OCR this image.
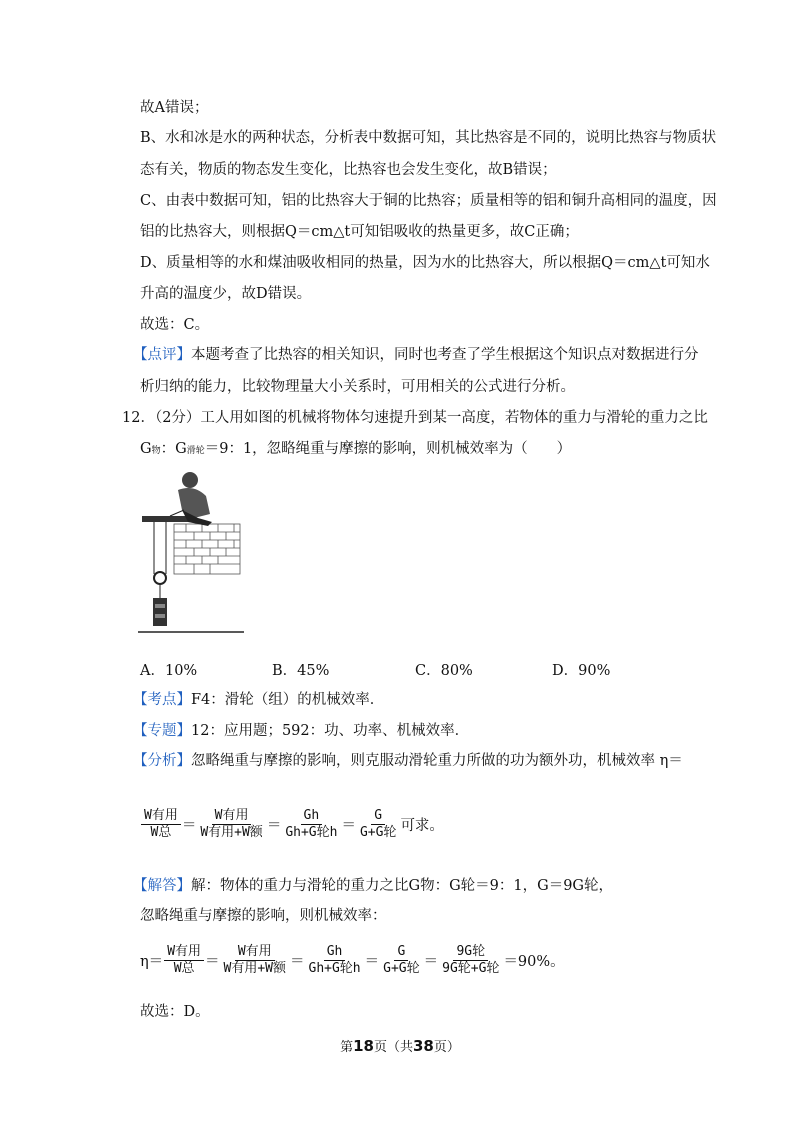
故A错误；
B、水和冰是水的两种状态，分析表中数据可知，其比热容是不同的，说明比热容与物质状
态有关，物质的物态发生变化，比热容也会发生变化，故B错误；
C、由表中数据可知，铝的比热容大于铜的比热容；质量相等的铝和铜升高相同的温度，因
铝的比热容大，则根据Q＝cm△t可知铝吸收的热量更多，故C正确；
D、质量相等的水和煤油吸收相同的热量，因为水的比热容大，所以根据Q＝cm△t可知水
升高的温度少，故D错误。
故选：C。
【点评】本题考查了比热容的相关知识，同时也考查了学生根据这个知识点对数据进行分
析归纳的能力，比较物理量大小关系时，可用相关的公式进行分析。
12．（2分）工人用如图的机械将物体匀速提升到某一高度，若物体的重力与滑轮的重力之比
G物：G滑轮＝9：1，忽略绳重与摩擦的影响，则机械效率为（　　）
A．10%	B．45%	C．80%	D．90%
【考点】F4：滑轮（组）的机械效率．
【专题】12：应用题；592：功、功率、机械效率．
【分析】忽略绳重与摩擦的影响，则克服动滑轮重力所做的功为额外功，机械效率 η＝
$\frac{\text{W有用}}{\text{W总}} = \frac{\text{W有用}}{\text{W有用+W额}} = \frac{Gh}{\text{Gh+G轮h}} = \frac{G}{\text{G+G轮}}$ 可求。
【解答】解：物体的重力与滑轮的重力之比G物：G轮＝9：1，G＝9G轮，
忽略绳重与摩擦的影响，则机械效率：
$\eta= \frac{\text{W有用}}{\text{W总}} = \frac{\text{W有用}}{\text{W有用+W额}} = \frac{Gh}{\text{Gh+G轮h}} = \frac{G}{\text{G+G轮}} = \frac{\text{9G轮}}{\text{9G轮+G轮}} =90\%$。
故选：D。
第18页（共38页）
